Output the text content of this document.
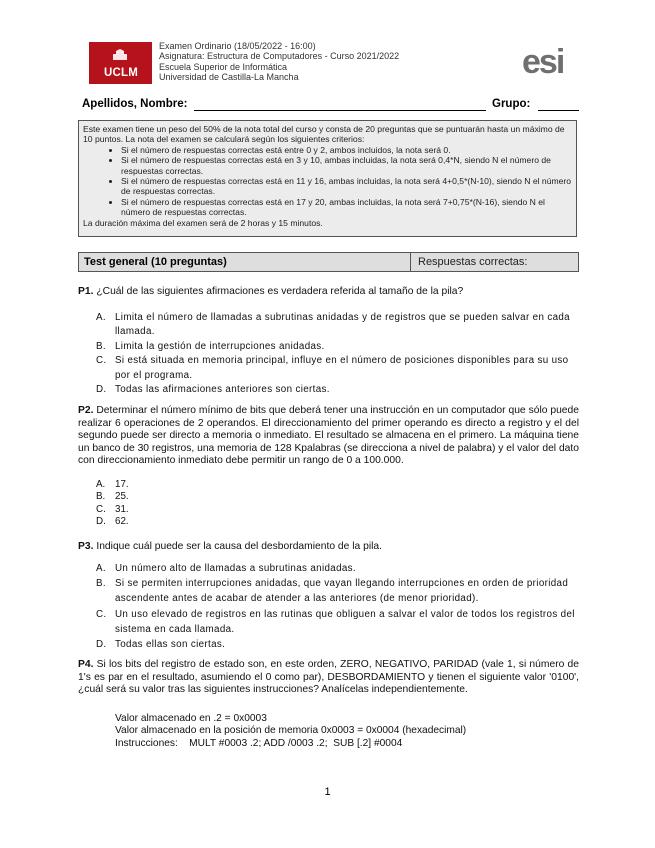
UCLM
Examen Ordinario (18/05/2022 - 16:00)
Asignatura: Estructura de Computadores - Curso 2021/2022
Escuela Superior de Informática
Universidad de Castilla-La Mancha	esi
Apellidos, Nombre:	Grupo:
Este examen tiene un peso del 50% de la nota total del curso y consta de 20 preguntas que se puntuarán hasta un máximo de 10 puntos. La nota del examen se calculará según los siguientes criterios:
• Si el número de respuestas correctas está entre 0 y 2, ambos incluidos, la nota será 0.
• Si el número de respuestas correctas está en 3 y 10, ambas incluidas, la nota será 0,4*N, siendo N el número de respuestas correctas.
• Si el número de respuestas correctas está en 11 y 16, ambas incluidas, la nota será 4+0,5*(N-10), siendo N el número de respuestas correctas.
• Si el número de respuestas correctas está en 17 y 20, ambas incluidas, la nota será 7+0,75*(N-16), siendo N el número de respuestas correctas.
La duración máxima del examen será de 2 horas y 15 minutos.
Test general (10 preguntas)	Respuestas correctas:
P1. ¿Cuál de las siguientes afirmaciones es verdadera referida al tamaño de la pila?
A. Limita el número de llamadas a subrutinas anidadas y de registros que se pueden salvar en cada llamada.
B. Limita la gestión de interrupciones anidadas.
C. Si está situada en memoria principal, influye en el número de posiciones disponibles para su uso por el programa.
D. Todas las afirmaciones anteriores son ciertas.
P2. Determinar el número mínimo de bits que deberá tener una instrucción en un computador que sólo puede realizar 6 operaciones de 2 operandos. El direccionamiento del primer operando es directo a registro y el del segundo puede ser directo a memoria o inmediato. El resultado se almacena en el primero. La máquina tiene un banco de 30 registros, una memoria de 128 Kpalabras (se direcciona a nivel de palabra) y el valor del dato con direccionamiento inmediato debe permitir un rango de 0 a 100.000.
A. 17.
B. 25.
C. 31.
D. 62.
P3. Indique cuál puede ser la causa del desbordamiento de la pila.
A. Un número alto de llamadas a subrutinas anidadas.
B. Si se permiten interrupciones anidadas, que vayan llegando interrupciones en orden de prioridad ascendente antes de acabar de atender a las anteriores (de menor prioridad).
C. Un uso elevado de registros en las rutinas que obliguen a salvar el valor de todos los registros del sistema en cada llamada.
D. Todas ellas son ciertas.
P4. Si los bits del registro de estado son, en este orden, ZERO, NEGATIVO, PARIDAD (vale 1, si número de 1's es par en el resultado, asumiendo el 0 como par), DESBORDAMIENTO y tienen el siguiente valor '0100', ¿cuál será su valor tras las siguientes instrucciones? Analícelas independientemente.
Valor almacenado en .2 = 0x0003
Valor almacenado en la posición de memoria 0x0003 = 0x0004 (hexadecimal)
Instrucciones:    MULT #0003 .2; ADD /0003 .2;  SUB [.2] #0004
1
